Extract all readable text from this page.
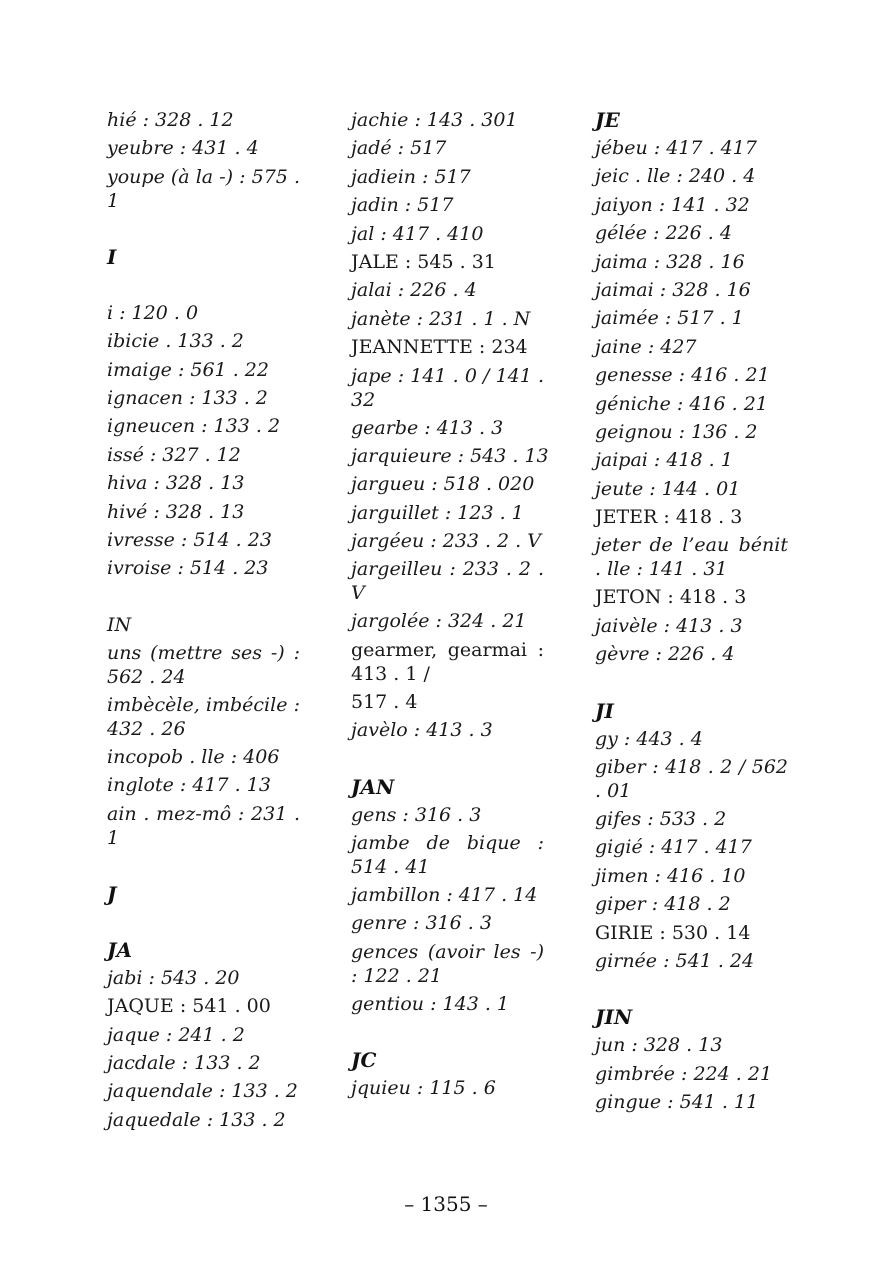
hié : 328 . 12
yeubre : 431 . 4
youpe (à la -) : 575 . 1
I
i : 120 . 0
ibicie . 133 . 2
imaige : 561 . 22
ignacen : 133 . 2
igneucen : 133 . 2
issé : 327 . 12
hiva : 328 . 13
hivé : 328 . 13
ivresse : 514 . 23
ivroise : 514 . 23
IN
uns (mettre ses -) : 562 . 24
imbècèle, imbécile : 432 . 26
incopob . lle : 406
inglote : 417 . 13
ain . mez-mô : 231 . 1
J
JA
jabi : 543 . 20
JAQUE : 541 . 00
jaque : 241 . 2
jacdale : 133 . 2
jaquendale : 133 . 2
jaquedale : 133 . 2
jachie : 143 . 301
jadé : 517
jadiein : 517
jadin : 517
jal : 417 . 410
JALE : 545 . 31
jalai : 226 . 4
janète : 231 . 1 . N
JEANNETTE : 234
jape : 141 . 0 / 141 . 32
gearbe : 413 . 3
jarquieure : 543 . 13
jargueu : 518 . 020
jarguillet : 123 . 1
jargéeu : 233 . 2 . V
jargeilleu : 233 . 2 . V
jargolée : 324 . 21
gearmer, gearmai : 413 . 1 /
517 . 4
javèlo : 413 . 3
JAN
gens : 316 . 3
jambe de bique : 514 . 41
jambillon : 417 . 14
genre : 316 . 3
gences (avoir les -) : 122 . 21
gentiou : 143 . 1
JC
jquieu : 115 . 6
JE
jébeu : 417 . 417
jeic . lle : 240 . 4
jaiyon : 141 . 32
gélée : 226 . 4
jaima : 328 . 16
jaimai : 328 . 16
jaimée : 517 . 1
jaine : 427
genesse : 416 . 21
géniche : 416 . 21
geignou : 136 . 2
jaipai : 418 . 1
jeute : 144 . 01
JETER : 418 . 3
jeter de l’eau bénit . lle : 141 . 31
JETON : 418 . 3
jaivèle : 413 . 3
gèvre : 226 . 4
JI
gy : 443 . 4
giber : 418 . 2 / 562 . 01
gifes : 533 . 2
gigié : 417 . 417
jimen : 416 . 10
giper : 418 . 2
GIRIE : 530 . 14
girnée : 541 . 24
JIN
jun : 328 . 13
gimbrée : 224 . 21
gingue : 541 . 11
– 1355 –
